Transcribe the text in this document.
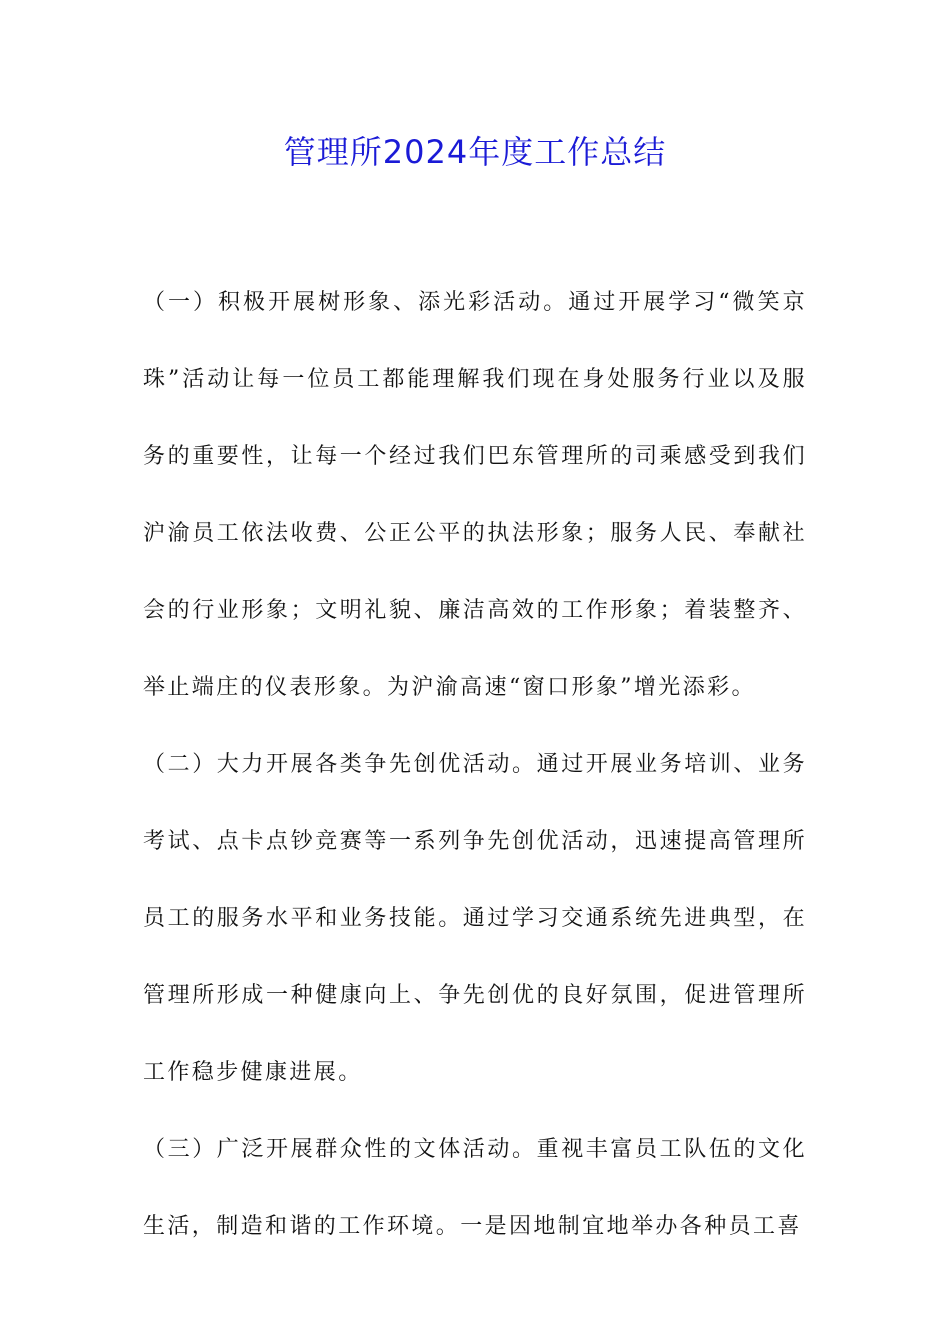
管理所2024年度工作总结

（一）积极开展树形象、添光彩活动。通过开展学习“微笑京珠”活动让每一位员工都能理解我们现在身处服务行业以及服务的重要性，让每一个经过我们巴东管理所的司乘感受到我们沪渝员工依法收费、公正公平的执法形象；服务人民、奉献社会的行业形象；文明礼貌、廉洁高效的工作形象；着装整齐、举止端庄的仪表形象。为沪渝高速“窗口形象”增光添彩。

（二）大力开展各类争先创优活动。通过开展业务培训、业务考试、点卡点钞竞赛等一系列争先创优活动，迅速提高管理所员工的服务水平和业务技能。通过学习交通系统先进典型，在管理所形成一种健康向上、争先创优的良好氛围，促进管理所工作稳步健康进展。

（三）广泛开展群众性的文体活动。重视丰富员工队伍的文化生活，制造和谐的工作环境。一是因地制宜地举办各种员工喜
